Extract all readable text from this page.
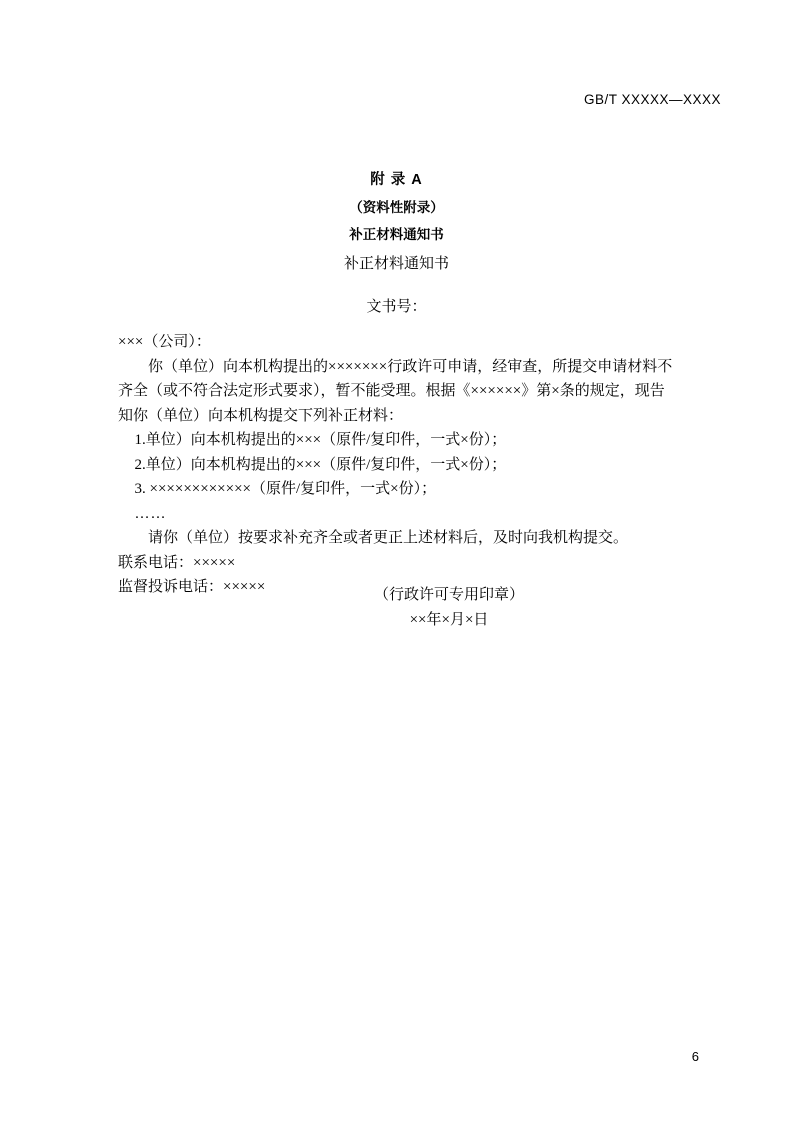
GB/T XXXXX—XXXX
附 录 A
（资料性附录）
补正材料通知书
补正材料通知书
文书号：

×××（公司）：

你（单位）向本机构提出的×××××××行政许可申请，经审查，所提交申请材料不齐全（或不符合法定形式要求），暂不能受理。根据《××××××》第×条的规定，现告知你（单位）向本机构提交下列补正材料：

1.单位）向本机构提出的×××（原件/复印件，一式×份）；

2.单位）向本机构提出的×××（原件/复印件，一式×份）；

3. ××××××××××××（原件/复印件，一式×份）；

……

请你（单位）按要求补充齐全或者更正上述材料后，及时向我机构提交。

联系电话：×××××

监督投诉电话：×××××	（行政许可专用印章）
××年×月×日
6
